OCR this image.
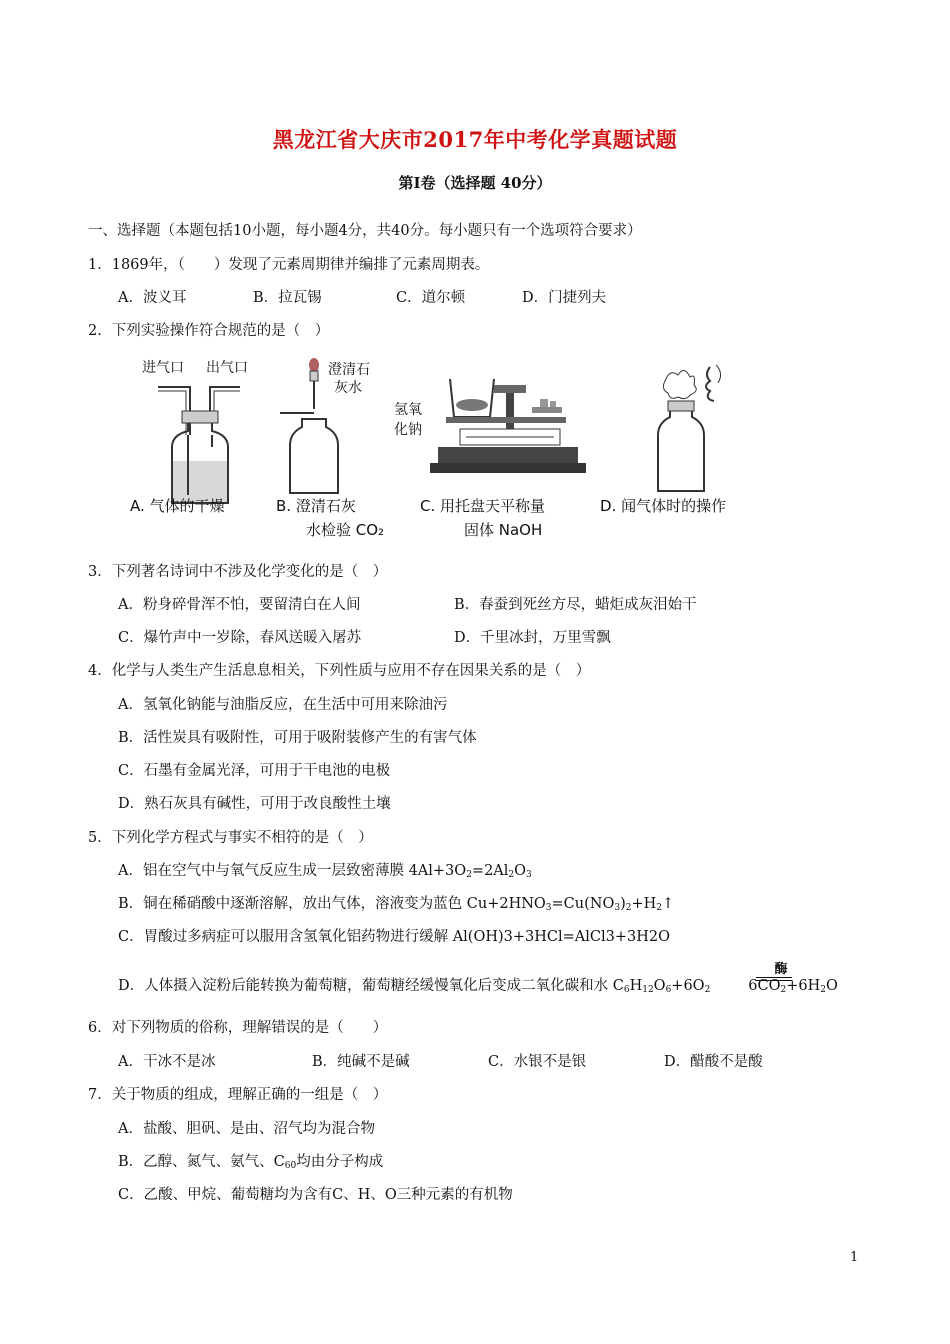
黑龙江省大庆市2017年中考化学真题试题
第Ⅰ卷（选择题 40分）
一、选择题（本题包括10小题，每小题4分，共40分。每小题只有一个选项符合要求）
1．1869年，（　　）发现了元素周期律并编排了元素周期表。
A．波义耳	B．拉瓦锡	C．道尔顿	D．门捷列夫
2．下列实验操作符合规范的是（　）
进气口 出气口
A. 气体的干燥
澄清石
灰水
B. 澄清石灰
水检验 CO₂
氢氧
化钠
C. 用托盘天平称量
固体 NaOH
D. 闻气体时的操作
3．下列著名诗词中不涉及化学变化的是（　）
A．粉身碎骨浑不怕，要留清白在人间	B．春蚕到死丝方尽，蜡炬成灰泪始干
C．爆竹声中一岁除，春风送暖入屠苏	D．千里冰封，万里雪飘
4．化学与人类生产生活息息相关，下列性质与应用不存在因果关系的是（　）
A．氢氧化钠能与油脂反应，在生活中可用来除油污
B．活性炭具有吸附性，可用于吸附装修产生的有害气体
C．石墨有金属光泽，可用于干电池的电极
D．熟石灰具有碱性，可用于改良酸性土壤
5．下列化学方程式与事实不相符的是（　）
A．铝在空气中与氧气反应生成一层致密薄膜 $4Al+3O_2=2Al_2O_3$
B．铜在稀硝酸中逐渐溶解，放出气体，溶液变为蓝色 $Cu+2HNO_3=Cu(NO_3)_2+H_2↑$
C．胃酸过多病症可以服用含氢氧化铝药物进行缓解 Al(OH)3+3HCl=AlCl3+3H2O
酶
D．人体摄入淀粉后能转换为葡萄糖，葡萄糖经缓慢氧化后变成二氧化碳和水 $C_6H_{12}O_6+6O_2$	$6CO_2+6H_2O$
6．对下列物质的俗称，理解错误的是（　　）
A．干冰不是冰	B．纯碱不是碱	C．水银不是银	D．醋酸不是酸
7．关于物质的组成，理解正确的一组是（　）
A．盐酸、胆矾、是由、沼气均为混合物
B．乙醇、氮气、氨气、$C_{60}$均由分子构成
C．乙酸、甲烷、葡萄糖均为含有C、H、O三种元素的有机物
1
